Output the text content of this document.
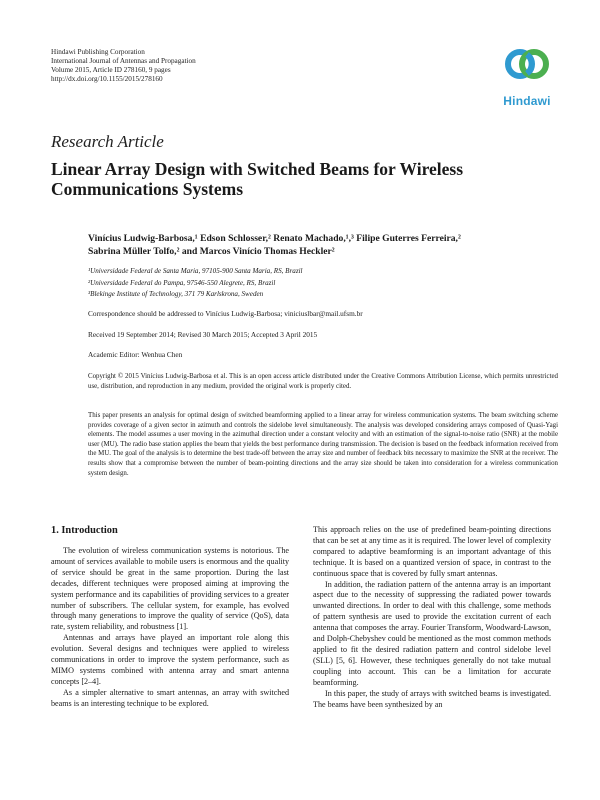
Hindawi Publishing Corporation
International Journal of Antennas and Propagation
Volume 2015, Article ID 278160, 9 pages
http://dx.doi.org/10.1155/2015/278160
Hindawi
Research Article
Linear Array Design with Switched Beams for Wireless Communications Systems
Vinícius Ludwig-Barbosa,¹ Edson Schlosser,² Renato Machado,¹,³ Filipe Guterres Ferreira,²
Sabrina Müller Tolfo,² and Marcos Vinício Thomas Heckler²
¹Universidade Federal de Santa Maria, 97105-900 Santa Maria, RS, Brazil
²Universidade Federal do Pampa, 97546-550 Alegrete, RS, Brazil
³Blekinge Institute of Technology, 371 79 Karlskrona, Sweden
Correspondence should be addressed to Vinícius Ludwig-Barbosa; viniciuslbar@mail.ufsm.br
Received 19 September 2014; Revised 30 March 2015; Accepted 3 April 2015
Academic Editor: Wenhua Chen
Copyright © 2015 Vinícius Ludwig-Barbosa et al. This is an open access article distributed under the Creative Commons Attribution License, which permits unrestricted use, distribution, and reproduction in any medium, provided the original work is properly cited.
This paper presents an analysis for optimal design of switched beamforming applied to a linear array for wireless communication systems. The beam switching scheme provides coverage of a given sector in azimuth and controls the sidelobe level simultaneously. The analysis was developed considering arrays composed of Quasi-Yagi elements. The model assumes a user moving in the azimuthal direction under a constant velocity and with an estimation of the signal-to-noise ratio (SNR) at the mobile user (MU). The radio base station applies the beam that yields the best performance during transmission. The decision is based on the feedback information received from the MU. The goal of the analysis is to determine the best trade-off between the array size and number of feedback bits necessary to maximize the SNR at the receiver. The results show that a compromise between the number of beam-pointing directions and the array size should be taken into consideration for a wireless communication system design.
1. Introduction

The evolution of wireless communication systems is notorious. The amount of services available to mobile users is enormous and the quality of service should be great in the same proportion. During the last decades, different techniques were proposed aiming at improving the system performance and its capabilities of providing services to a greater number of subscribers. The cellular system, for example, has evolved through many generations to improve the quality of service (QoS), data rate, system reliability, and robustness [1].

Antennas and arrays have played an important role along this evolution. Several designs and techniques were applied to wireless communications in order to improve the system performance, such as MIMO systems combined with antenna array and smart antenna concepts [2–4].

As a simpler alternative to smart antennas, an array with switched beams is an interesting technique to be explored.

This approach relies on the use of predefined beam-pointing directions that can be set at any time as it is required. The lower level of complexity compared to adaptive beamforming is an important advantage of this technique. It is based on a quantized version of space, in contrast to the continuous space that is covered by fully smart antennas.

In addition, the radiation pattern of the antenna array is an important aspect due to the necessity of suppressing the radiated power towards unwanted directions. In order to deal with this challenge, some methods of pattern synthesis are used to provide the excitation current of each antenna that composes the array. Fourier Transform, Woodward-Lawson, and Dolph-Chebyshev could be mentioned as the most common methods applied to fit the desired radiation pattern and control sidelobe level (SLL) [5, 6]. However, these techniques generally do not take mutual coupling into account. This can be a limitation for accurate beamforming.

In this paper, the study of arrays with switched beams is investigated. The beams have been synthesized by an
